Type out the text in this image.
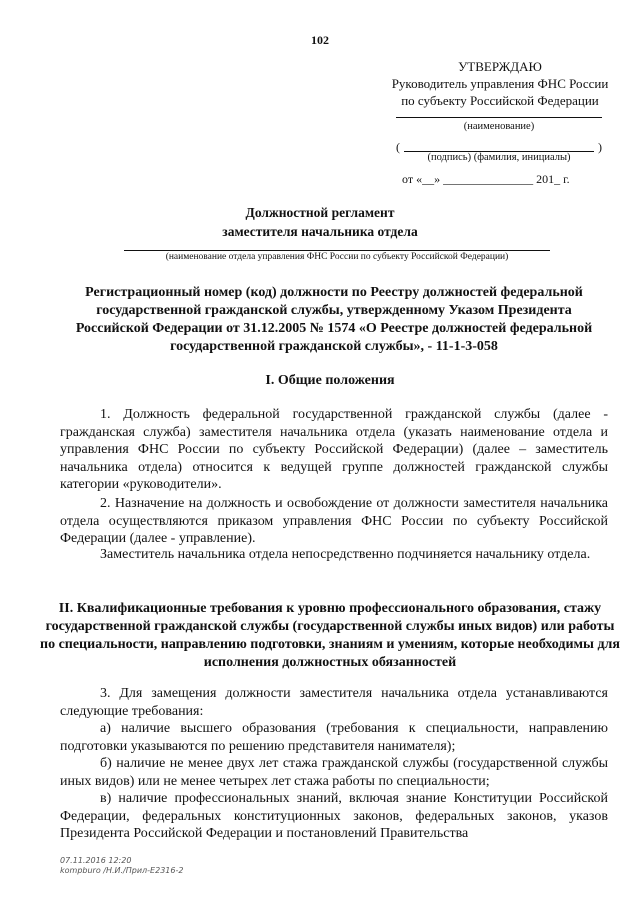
102
УТВЕРЖДАЮ
Руководитель управления ФНС России
по субъекту Российской Федерации
(наименование)
(	)
(подпись) (фамилия, инициалы)
от «__» _______________ 201_ г.
Должностной регламент
заместителя начальника отдела
(наименование отдела управления ФНС России по субъекту Российской Федерации)
Регистрационный номер (код) должности по Реестру должностей федеральной государственной гражданской службы, утвержденному Указом Президента Российской Федерации от 31.12.2005 № 1574 «О Реестре должностей федеральной государственной гражданской службы», - 11-1-3-058
I. Общие положения
1. Должность федеральной государственной гражданской службы (далее - гражданская служба) заместителя начальника отдела (указать наименование отдела и управления ФНС России по субъекту Российской Федерации) (далее – заместитель начальника отдела) относится к ведущей группе должностей гражданской службы категории «руководители».
2. Назначение на должность и освобождение от должности заместителя начальника отдела осуществляются приказом управления ФНС России по субъекту Российской Федерации (далее - управление).
Заместитель начальника отдела непосредственно подчиняется начальнику отдела.
II. Квалификационные требования к уровню профессионального образования, стажу государственной гражданской службы (государственной службы иных видов) или работы по специальности, направлению подготовки, знаниям и умениям, которые необходимы для исполнения должностных обязанностей
3. Для замещения должности заместителя начальника отдела устанавливаются следующие требования:
а) наличие высшего образования (требования к специальности, направлению подготовки указываются по решению представителя нанимателя);
б) наличие не менее двух лет стажа гражданской службы (государственной службы иных видов) или не менее четырех лет стажа работы по специальности;
в) наличие профессиональных знаний, включая знание Конституции Российской Федерации, федеральных конституционных законов, федеральных законов, указов Президента Российской Федерации и постановлений Правительства
07.11.2016 12:20
kompburo /Н.И./Прил-E2316-2
